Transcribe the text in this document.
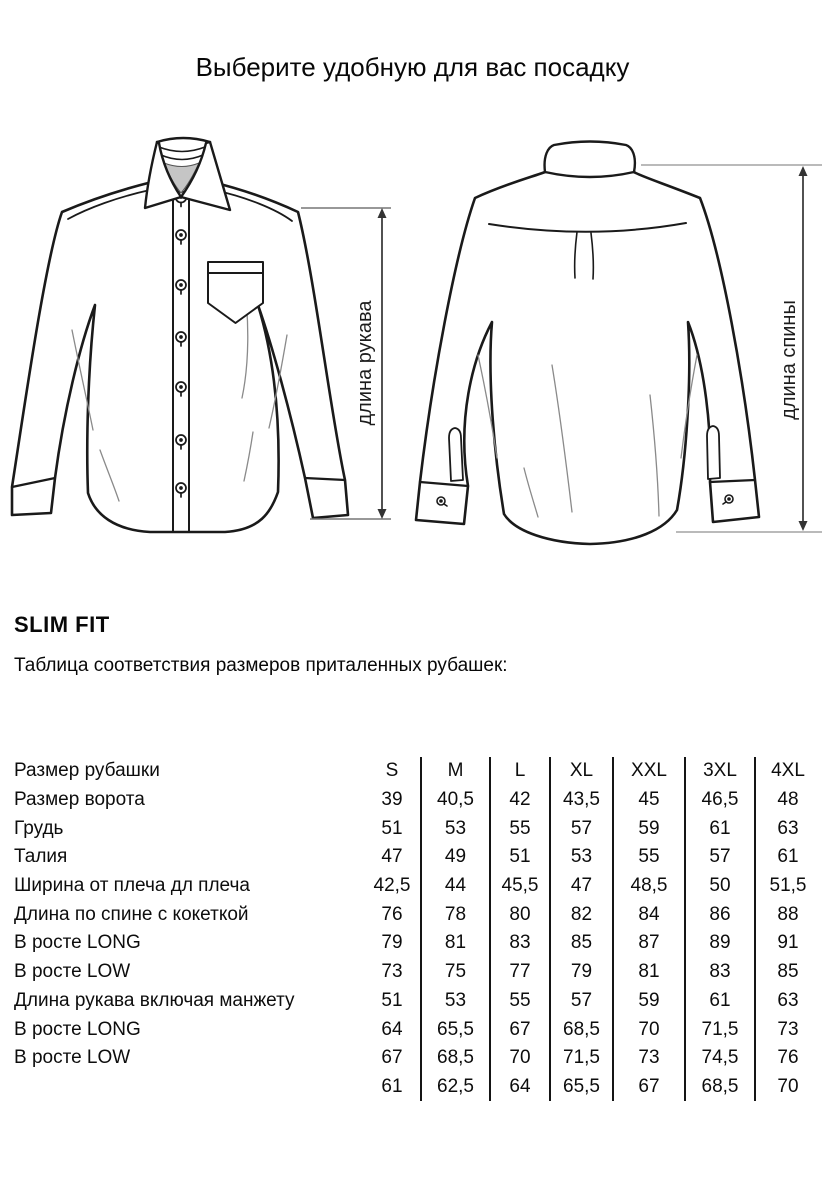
Выберите удобную для вас посадку
длина рукава	длина спины
SLIM FIT

Таблица соответствия размеров приталенных рубашек:

Размер рубашки	S	M	L	XL	XXL	3XL	4XL
Размер ворота	39	40,5	42	43,5	45	46,5	48
Грудь	51	53	55	57	59	61	63
Талия	47	49	51	53	55	57	61
Ширина от плеча дл плеча	42,5	44	45,5	47	48,5	50	51,5
Длина по спине с кокеткой	76	78	80	82	84	86	88
В росте LONG	79	81	83	85	87	89	91
В росте LOW	73	75	77	79	81	83	85
Длина рукава включая манжету	51	53	55	57	59	61	63
В росте LONG	64	65,5	67	68,5	70	71,5	73
В росте LOW	67	68,5	70	71,5	73	74,5	76
	61	62,5	64	65,5	67	68,5	70
